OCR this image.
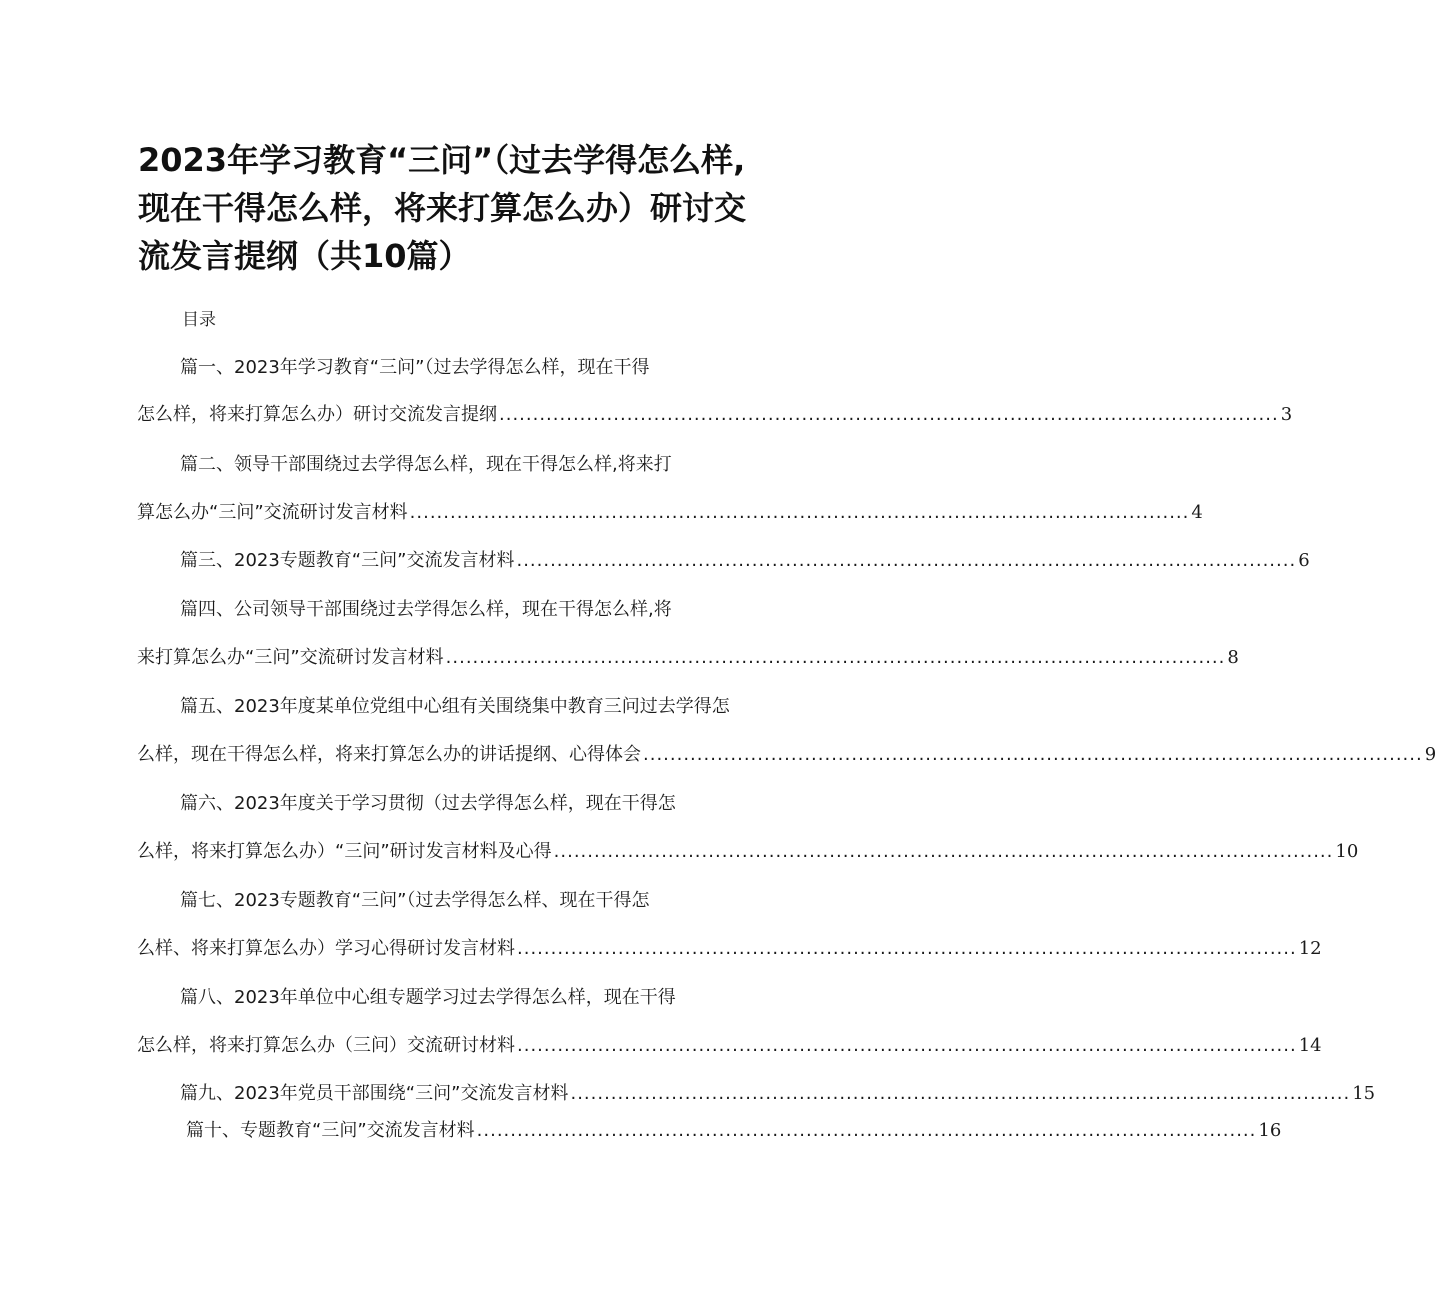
2023年学习教育“三问”（过去学得怎么样,
现在干得怎么样，将来打算怎么办）研讨交
流发言提纲（共10篇）
目录
篇一、2023年学习教育“三问”（过去学得怎么样，现在干得
怎么样，将来打算怎么办）研讨交流发言提纲 .................................................................................................................... 3
篇二、领导干部围绕过去学得怎么样，现在干得怎么样,将来打
算怎么办“三问”交流研讨发言材料 .................................................................................................................... 4
篇三、2023专题教育“三问”交流发言材料 .................................................................................................................... 6
篇四、公司领导干部围绕过去学得怎么样，现在干得怎么样,将
来打算怎么办“三问”交流研讨发言材料 .................................................................................................................... 8
篇五、2023年度某单位党组中心组有关围绕集中教育三问过去学得怎
么样，现在干得怎么样，将来打算怎么办的讲话提纲、心得体会 .................................................................................................................... 9
篇六、2023年度关于学习贯彻（过去学得怎么样，现在干得怎
么样，将来打算怎么办）“三问”研讨发言材料及心得 .................................................................................................................... 10
篇七、2023专题教育“三问”（过去学得怎么样、现在干得怎
么样、将来打算怎么办）学习心得研讨发言材料 .................................................................................................................... 12
篇八、2023年单位中心组专题学习过去学得怎么样，现在干得
怎么样，将来打算怎么办（三问）交流研讨材料 .................................................................................................................... 14
篇九、2023年党员干部围绕“三问”交流发言材料 .................................................................................................................... 15
篇十、专题教育“三问”交流发言材料 .................................................................................................................... 16
